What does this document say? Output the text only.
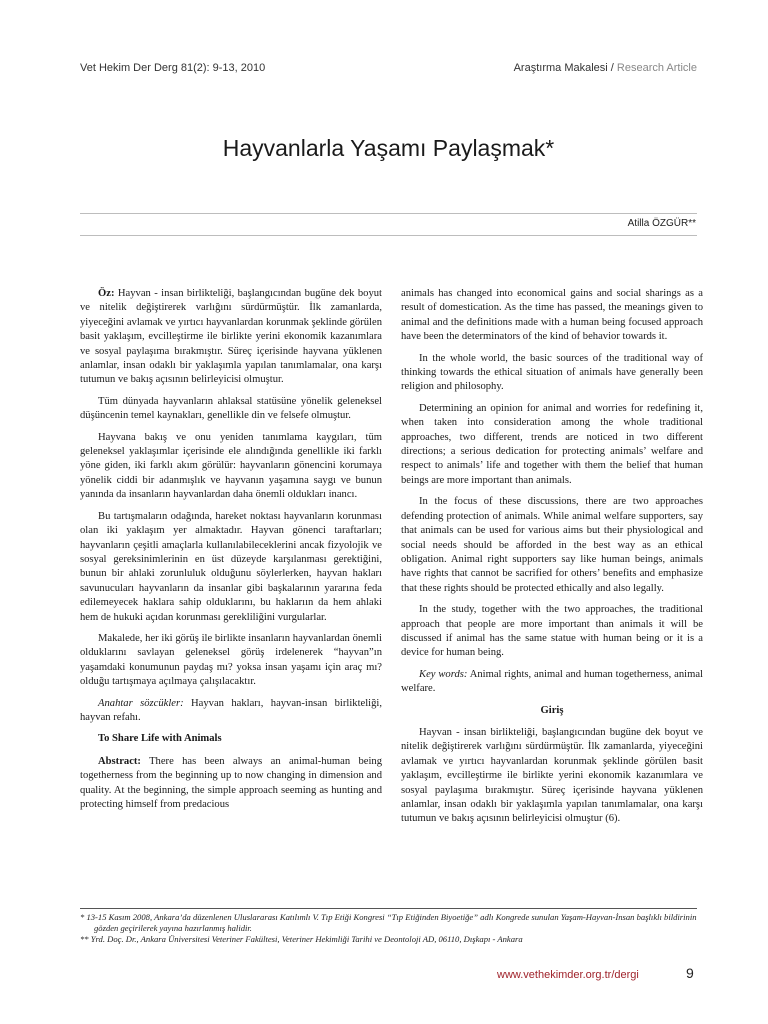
Vet Hekim Der Derg 81(2): 9-13, 2010	Araştırma Makalesi / Research Article
Hayvanlarla Yaşamı Paylaşmak*
Atilla ÖZGÜR**

Öz: Hayvan - insan birlikteliği, başlangıcından bugüne dek boyut ve nitelik değiştirerek varlığını sürdürmüştür. İlk zamanlarda, yiyeceğini avlamak ve yırtıcı hayvanlardan korunmak şeklinde görülen basit yaklaşım, evcilleştirme ile birlikte yerini ekonomik kazanımlara ve sosyal paylaşıma bırakmıştır. Süreç içerisinde hayvana yüklenen anlamlar, insan odaklı bir yaklaşımla yapılan tanımlamalar, ona karşı tutumun ve bakış açısının belirleyicisi olmuştur.

Tüm dünyada hayvanların ahlaksal statüsüne yönelik geleneksel düşüncenin temel kaynakları, genellikle din ve felsefe olmuştur.

Hayvana bakış ve onu yeniden tanımlama kaygıları, tüm geleneksel yaklaşımlar içerisinde ele alındığında genellikle iki farklı yöne giden, iki farklı akım görülür: hayvanların gönencini korumaya yönelik ciddi bir adanmışlık ve hayvanın yaşamına saygı ve bunun yanında da insanların hayvanlardan daha önemli oldukları inancı.

Bu tartışmaların odağında, hareket noktası hayvanların korunması olan iki yaklaşım yer almaktadır. Hayvan gönenci taraftarları; hayvanların çeşitli amaçlarla kullanılabileceklerini ancak fizyolojik ve sosyal gereksinimlerinin en üst düzeyde karşılanması gerektiğini, bunun bir ahlaki zorunluluk olduğunu söylerlerken, hayvan hakları savunucuları hayvanların da insanlar gibi başkalarının yararına feda edilemeyecek haklara sahip olduklarını, bu haklarıın da hem ahlaki hem de hukuki açıdan korunması gerekliliğini vurgularlar.

Makalede, her iki görüş ile birlikte insanların hayvanlardan önemli olduklarını savlayan geleneksel görüş irdelenerek “hayvan”ın yaşamdaki konumunun paydaş mı? yoksa insan yaşamı için araç mı? olduğu tartışmaya açılmaya çalışılacaktır.

Anahtar sözcükler: Hayvan hakları, hayvan-insan birlikteliği, hayvan refahı.

To Share Life with Animals

Abstract: There has been always an animal-human being togetherness from the beginning up to now changing in dimension and quality. At the beginning, the simple approach seeming as hunting and protecting himself from predacious

animals has changed into economical gains and social sharings as a result of domestication. As the time has passed, the meanings given to animal and the definitions made with a human being focused approach have been the determinators of the kind of behavior towards it.

In the whole world, the basic sources of the traditional way of thinking towards the ethical situation of animals have generally been religion and philosophy.

Determining an opinion for animal and worries for redefining it, when taken into consideration among the whole traditional approaches, two different, trends are noticed in two different directions; a serious dedication for protecting animals’ welfare and respect to animals’ life and together with them the belief that human beings are more important than animals.

In the focus of these discussions, there are two approaches defending protection of animals. While animal welfare supporters, say that animals can be used for various aims but their physiological and social needs should be afforded in the best way as an ethical obligation. Animal right supporters say like human beings, animals have rights that cannot be sacrified for others’ benefits and emphasize that these rights should be protected ethically and also legally.

In the study, together with the two approaches, the traditional approach that people are more important than animals it will be discussed if animal has the same statue with human being or it is a device for human being.

Key words: Animal rights, animal and human togetherness, animal welfare.

Giriş

Hayvan - insan birlikteliği, başlangıcından bugüne dek boyut ve nitelik değiştirerek varlığını sürdürmüştür. İlk zamanlarda, yiyeceğini avlamak ve yırtıcı hayvanlardan korunmak şeklinde görülen basit yaklaşım, evcilleştirme ile birlikte yerini ekonomik kazanımlara ve sosyal paylaşıma bırakmıştır. Süreç içerisinde hayvana yüklenen anlamlar, insan odaklı bir yaklaşımla yapılan tanımlamalar, ona karşı tutumun ve bakış açısının belirleyicisi olmuştur (6).

* 13-15 Kasım 2008, Ankara’da düzenlenen Uluslararası Katılımlı V. Tıp Etiği Kongresi “Tıp Etiğinden Biyoetiğe” adlı Kongrede sunulan Yaşam-Hayvan-İnsan başlıklı bildirinin gözden geçirilerek yayına hazırlanmış halidir.

** Yrd. Doç. Dr., Ankara Üniversitesi Veteriner Fakültesi, Veteriner Hekimliği Tarihi ve Deontoloji AD, 06110, Dışkapı - Ankara

www.vethekimder.org.tr/dergi	9
